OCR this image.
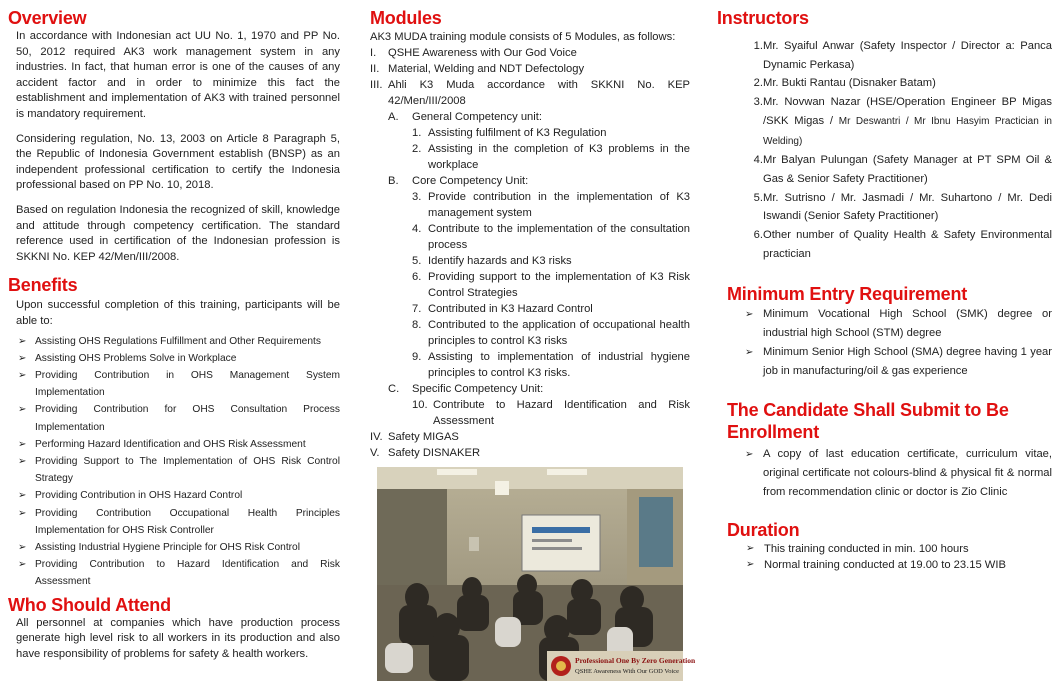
Overview

In accordance with Indonesian act UU No. 1, 1970 and PP No. 50, 2012 required AK3 work management system in any industries. In fact, that human error is one of the causes of any accident factor and in order to minimize this fact the establishment and implementation of AK3 with trained personnel is mandatory requirement.

Considering regulation, No. 13, 2003 on Article 8 Paragraph 5, the Republic of Indonesia Government establish (BNSP) as an independent professional certification to certify the Indonesia professional based on PP No. 10, 2018.

Based on regulation Indonesia the recognized of skill, knowledge and attitude through competency certification. The standard reference used in certification of the Indonesian profession is SKKNI No. KEP 42/Men/III/2008.

Benefits

Upon successful completion of this training, participants will be able to:

➢ Assisting OHS Regulations Fulfillment and Other Requirements
➢ Assisting OHS Problems Solve in Workplace
➢ Providing Contribution in OHS Management System Implementation
➢ Providing Contribution for OHS Consultation Process Implementation
➢ Performing Hazard Identification and OHS Risk Assessment
➢ Providing Support to The Implementation of OHS Risk Control Strategy
➢ Providing Contribution in OHS Hazard Control
➢ Providing Contribution Occupational Health Principles Implementation for OHS Risk Controller
➢ Assisting Industrial Hygiene Principle for OHS Risk Control
➢ Providing Contribution to Hazard Identification and Risk Assessment
Who Should Attend

All personnel at companies which have production process generate high level risk to all workers in its production and also have responsibility of problems for safety & health workers.

Modules
AK3 MUDA training module consists of 5 Modules, as follows:
I.	QSHE Awareness with Our God Voice
II. Material, Welding and NDT Defectology
III. Ahli K3 Muda accordance with SKKNI No. KEP 42/Men/III/2008
A.	General Competency unit:
1. Assisting fulfilment of K3 Regulation
2. Assisting in the completion of K3 problems in the workplace
B.	Core Competency Unit:
3. Provide contribution in the implementation of K3 management system
4. Contribute to the implementation of the consultation process
5. Identify hazards and K3 risks
6. Providing support to the implementation of K3 Risk Control Strategies
7. Contributed in K3 Hazard Control
8. Contributed to the application of occupational health principles to control K3 risks
9. Assisting to implementation of industrial hygiene principles to control K3 risks.
C.	Specific Competency Unit:
10. Contribute to Hazard Identification and Risk Assessment
IV. Safety MIGAS
V. Safety DISNAKER
Professional One By Zero Generation
QSHE Awareness With Our GOD Voice
Instructors
1. Mr. Syaiful Anwar (Safety Inspector / Director a: Panca Dynamic Perkasa)
2. Mr. Bukti Rantau (Disnaker Batam)
3. Mr. Novwan Nazar (HSE/Operation Engineer BP Migas /SKK Migas / Mr Deswantri / Mr Ibnu Hasyim Practician in Welding)
4. Mr Balyan Pulungan (Safety Manager at PT SPM Oil & Gas & Senior Safety Practitioner)
5. Mr. Sutrisno / Mr. Jasmadi / Mr. Suhartono / Mr. Dedi Iswandi (Senior Safety Practitioner)
6. Other number of Quality Health & Safety Environmental practician
Minimum Entry Requirement
➢ Minimum Vocational High School (SMK) degree or industrial high School (STM) degree
➢ Minimum Senior High School (SMA) degree having 1 year job in manufacturing/oil & gas experience
The Candidate Shall Submit to Be Enrollment
➢ A copy of last education certificate, curriculum vitae, original certificate not colours-blind & physical fit & normal from recommendation clinic or doctor is Zio Clinic
Duration
➢ This training conducted in min. 100 hours
➢ Normal training conducted at 19.00 to 23.15 WIB
